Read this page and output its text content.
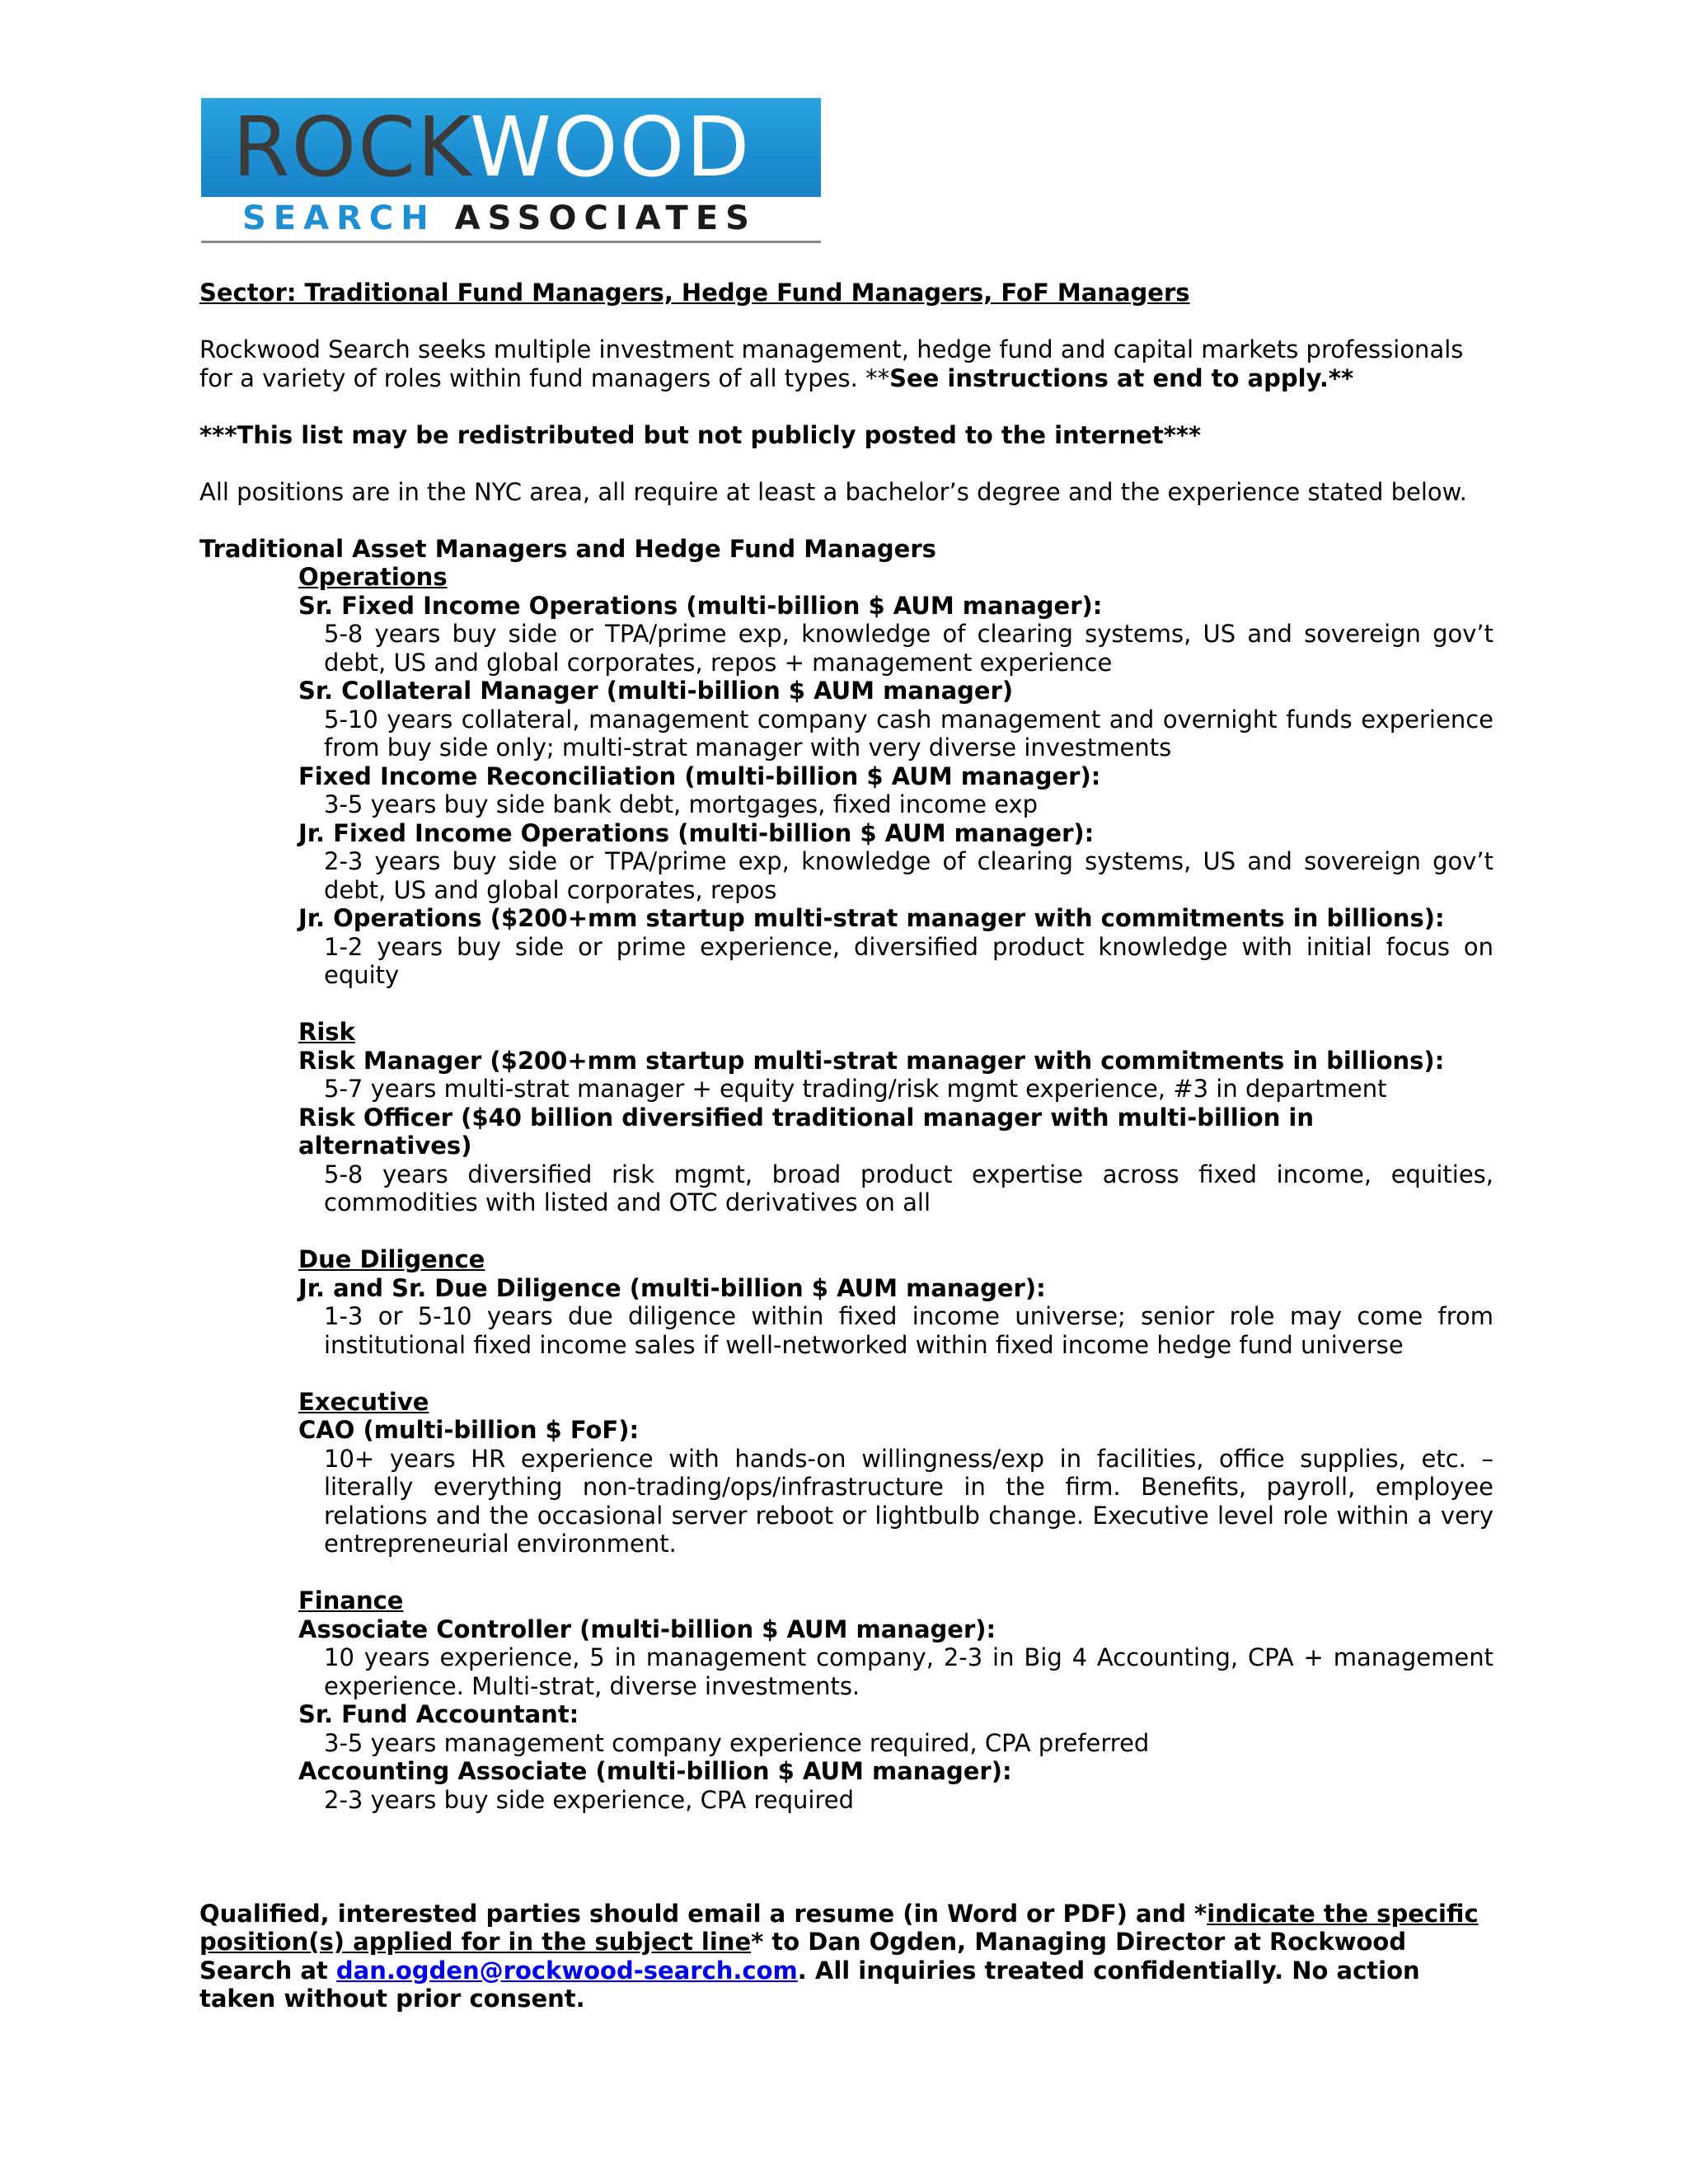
ROCKWOOD
SEARCH ASSOCIATES

Sector: Traditional Fund Managers, Hedge Fund Managers, FoF Managers

Rockwood Search seeks multiple investment management, hedge fund and capital markets professionals for a variety of roles within fund managers of all types. **See instructions at end to apply.**

***This list may be redistributed but not publicly posted to the internet***

All positions are in the NYC area, all require at least a bachelor’s degree and the experience stated below.

Traditional Asset Managers and Hedge Fund Managers

Operations

Sr. Fixed Income Operations (multi-billion $ AUM manager):

5-8 years buy side or TPA/prime exp, knowledge of clearing systems, US and sovereign gov’t debt, US and global corporates, repos + management experience

Sr. Collateral Manager (multi-billion $ AUM manager)

5-10 years collateral, management company cash management and overnight funds experience from buy side only; multi-strat manager with very diverse investments

Fixed Income Reconciliation (multi-billion $ AUM manager):

3-5 years buy side bank debt, mortgages, fixed income exp

Jr. Fixed Income Operations (multi-billion $ AUM manager):

2-3 years buy side or TPA/prime exp, knowledge of clearing systems, US and sovereign gov’t debt, US and global corporates, repos

Jr. Operations ($200+mm startup multi-strat manager with commitments in billions):

1-2 years buy side or prime experience, diversified product knowledge with initial focus on equity

Risk

Risk Manager ($200+mm startup multi-strat manager with commitments in billions):

5-7 years multi-strat manager + equity trading/risk mgmt experience, #3 in department

Risk Officer ($40 billion diversified traditional manager with multi-billion in alternatives)

5-8 years diversified risk mgmt, broad product expertise across fixed income, equities, commodities with listed and OTC derivatives on all

Due Diligence

Jr. and Sr. Due Diligence (multi-billion $ AUM manager):

1-3 or 5-10 years due diligence within fixed income universe; senior role may come from institutional fixed income sales if well-networked within fixed income hedge fund universe

Executive

CAO (multi-billion $ FoF):

10+ years HR experience with hands-on willingness/exp in facilities, office supplies, etc. – literally everything non-trading/ops/infrastructure in the firm. Benefits, payroll, employee relations and the occasional server reboot or lightbulb change. Executive level role within a very entrepreneurial environment.

Finance

Associate Controller (multi-billion $ AUM manager):

10 years experience, 5 in management company, 2-3 in Big 4 Accounting, CPA + management experience. Multi-strat, diverse investments.

Sr. Fund Accountant:

3-5 years management company experience required, CPA preferred

Accounting Associate (multi-billion $ AUM manager):

2-3 years buy side experience, CPA required

Qualified, interested parties should email a resume (in Word or PDF) and *indicate the specific position(s) applied for in the subject line* to Dan Ogden, Managing Director at Rockwood Search at dan.ogden@rockwood-search.com. All inquiries treated confidentially. No action taken without prior consent.
